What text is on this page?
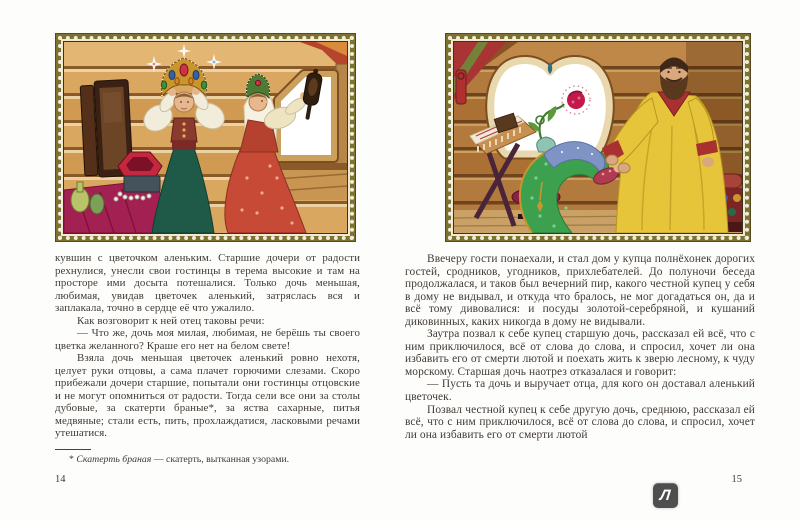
кувшин с цветочком аленьким. Старшие дочери от радости рехнулися, унесли свои гостинцы в терема высокие и там на просторе ими досыта потешалися. Только дочь меньшая, любимая, увидав цветочек аленький, затряслась вся и заплакала, точно в сердце её что ужалило.

Как возговорит к ней отец таковы речи:

— Что же, дочь моя милая, любимая, не берёшь ты своего цветка желанного? Краше его нет на белом свете!

Взяла дочь меньшая цветочек аленький ровно нехотя, целует руки отцовы, а сама плачет горючими слезами. Скоро прибежали дочери старшие, попытали они гостинцы отцовские и не могут опомниться от радости. Тогда сели все они за столы дубовые, за скатерти браные*, за яства сахарные, питья медвяные; стали есть, пить, прохлаждатися, ласковыми речами утешатися.

* Скатерть браная — скатерть, вытканная узорами.

14

Ввечеру гости понаехали, и стал дом у купца полнёхонек дорогих гостей, сродников, угодников, прихлебателей. До полуночи беседа продолжалася, и таков был вечерний пир, какого честной купец у себя в дому не видывал, и откуда что бралось, не мог догадаться он, да и всё тому дивовалися: и посуды золотой-серебряной, и кушаний диковинных, каких никогда в дому не видывали.

Заутра позвал к себе купец старшую дочь, рассказал ей всё, что с ним приключилося, всё от слова до слова, и спросил, хочет ли она избавить его от смерти лютой и поехать жить к зверю лесному, к чуду морскому. Старшая дочь наотрез отказалася и говорит:

— Пусть та дочь и выручает отца, для кого он доставал аленький цветочек.

Позвал честной купец к себе другую дочь, среднюю, рассказал ей всё, что с ним приключилося, всё от слова до слова, и спросил, хочет ли она избавить его от смерти лютой

15
Л
